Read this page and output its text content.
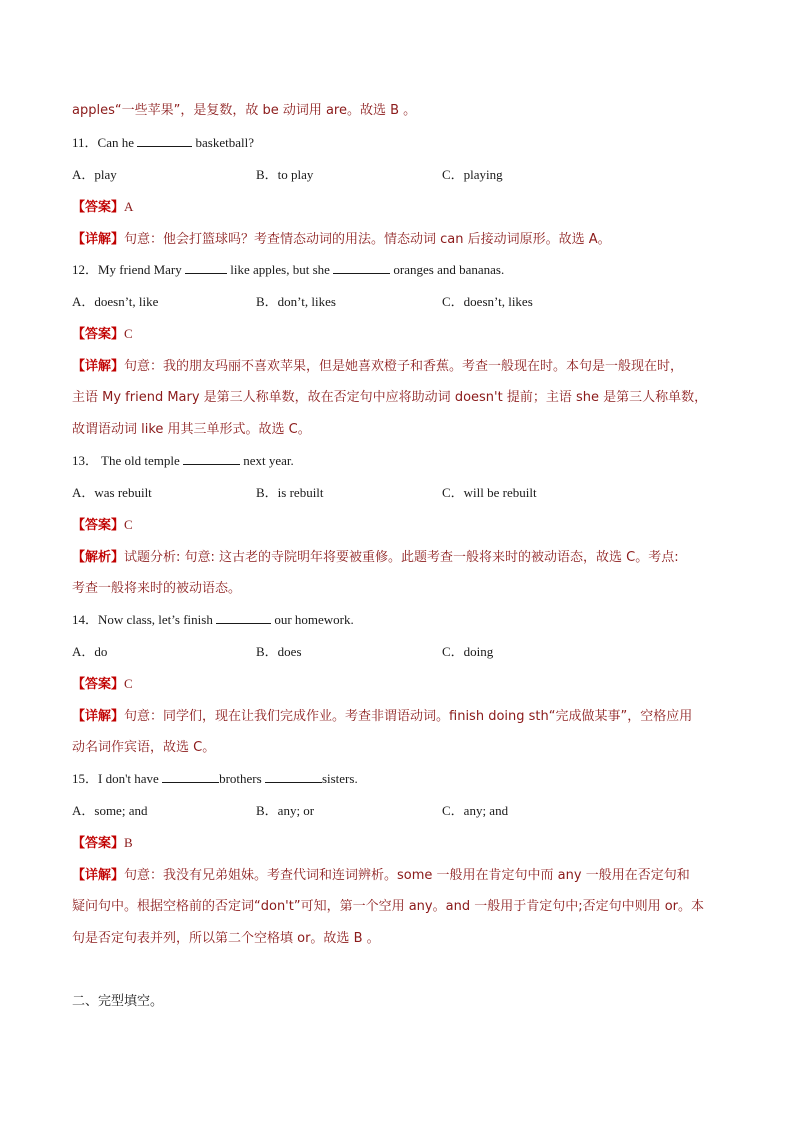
apples“一些苹果”，是复数，故 be 动词用 are。故选 B 。
11．Can he	basketball?
A．play	B．to play	C．playing
【答案】A
【详解】句意：他会打篮球吗？考查情态动词的用法。情态动词 can 后接动词原形。故选 A。
12．My friend Mary	like apples, but she	oranges and bananas.
A．doesn’t, like	B．don’t, likes	C．doesn’t, likes
【答案】C
【详解】句意：我的朋友玛丽不喜欢苹果，但是她喜欢橙子和香蕉。考查一般现在时。本句是一般现在时，
主语 My friend Mary 是第三人称单数，故在否定句中应将助动词 doesn't 提前；主语 she 是第三人称单数，
故谓语动词 like 用其三单形式。故选 C。
13． The old temple	next year.
A．was rebuilt	B．is rebuilt	C．will be rebuilt
【答案】C
【解析】试题分析: 句意: 这古老的寺院明年将要被重修。此题考查一般将来时的被动语态，故选 C。考点:
考查一般将来时的被动语态。
14．Now class, let’s finish	our homework.
A．do	B．does	C．doing
【答案】C
【详解】句意：同学们，现在让我们完成作业。考查非谓语动词。finish doing sth“完成做某事”，空格应用
动名词作宾语，故选 C。
15．I don't have	brothers	sisters.
A．some; and	B．any; or	C．any; and
【答案】B
【详解】句意：我没有兄弟姐妹。考查代词和连词辨析。some 一般用在肯定句中而 any 一般用在否定句和
疑问句中。根据空格前的否定词“don't”可知，第一个空用 any。and 一般用于肯定句中;否定句中则用 or。本
句是否定句表并列，所以第二个空格填 or。故选 B 。
二、完型填空。
